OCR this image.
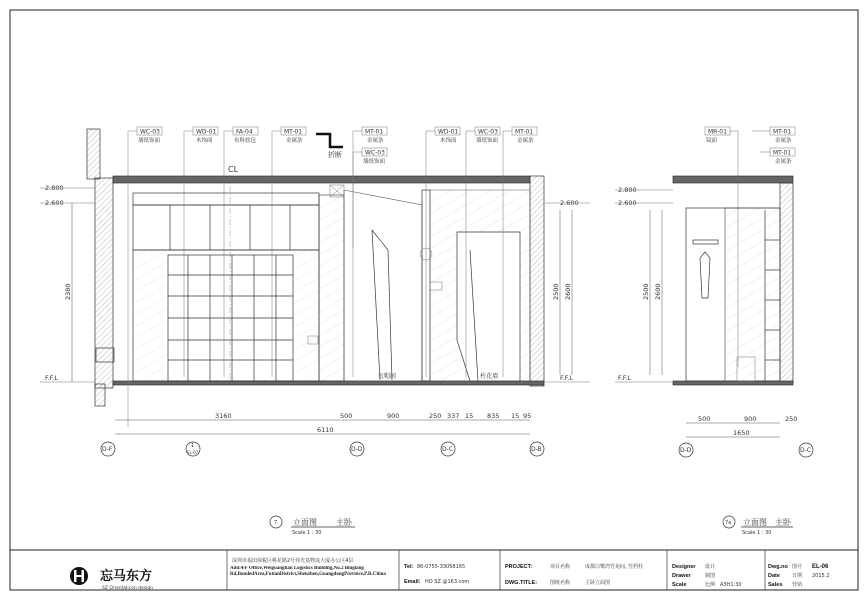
折断
CL
WC-03
墙纸饰面
WD-01
木饰面
FA-04
布料软包
MT-01
金属条
MT-01
金属条
WC-03
墙纸饰面
WD-01
木饰面
WC-03
墙纸饰面
MT-01
金属条
2.800
2.600
F.F.L
2.600
F.F.L
2380	2500 2600
衣帽间	柱花墙
3160	500	900	250 337 15 835 15 95
6110
D-F	1
EL-07	D-D	D-C	D-B
7 立面图 主卧
Scale 1 : 30
MR-01
镜面
MT-01
金属条
MT-01
金属条
2.800
2.600
F.F.L
2500 2600
500	900	250
1650
D-D	D-C
7a 立面图 主卧
Scale 1 : 30
忘马东方
SZ Orientalicon design
深圳市福田保税区桃花路2号伟光基物流大厦办公区4层
Add:4/F Office,Weiguanglian Logistics Building,No.2 Binglang Rd,BondedArea,FutianDistrict,Shenzhen,GuangdongProvince,P.R.China
Tel: 86-0755-33058165
Email: HO SZ @163.com
PROJECT:	项目名称	成都白鹭湾竹苑间, 竖档柱
DWG.TITLE:	图纸名称	主卧立面图
Designer 设计
Drawer	制图
Scale	比例 A3H1:30
Dwg.no 图号 EL-06
Date 日期 2015.2
Sales 营销
